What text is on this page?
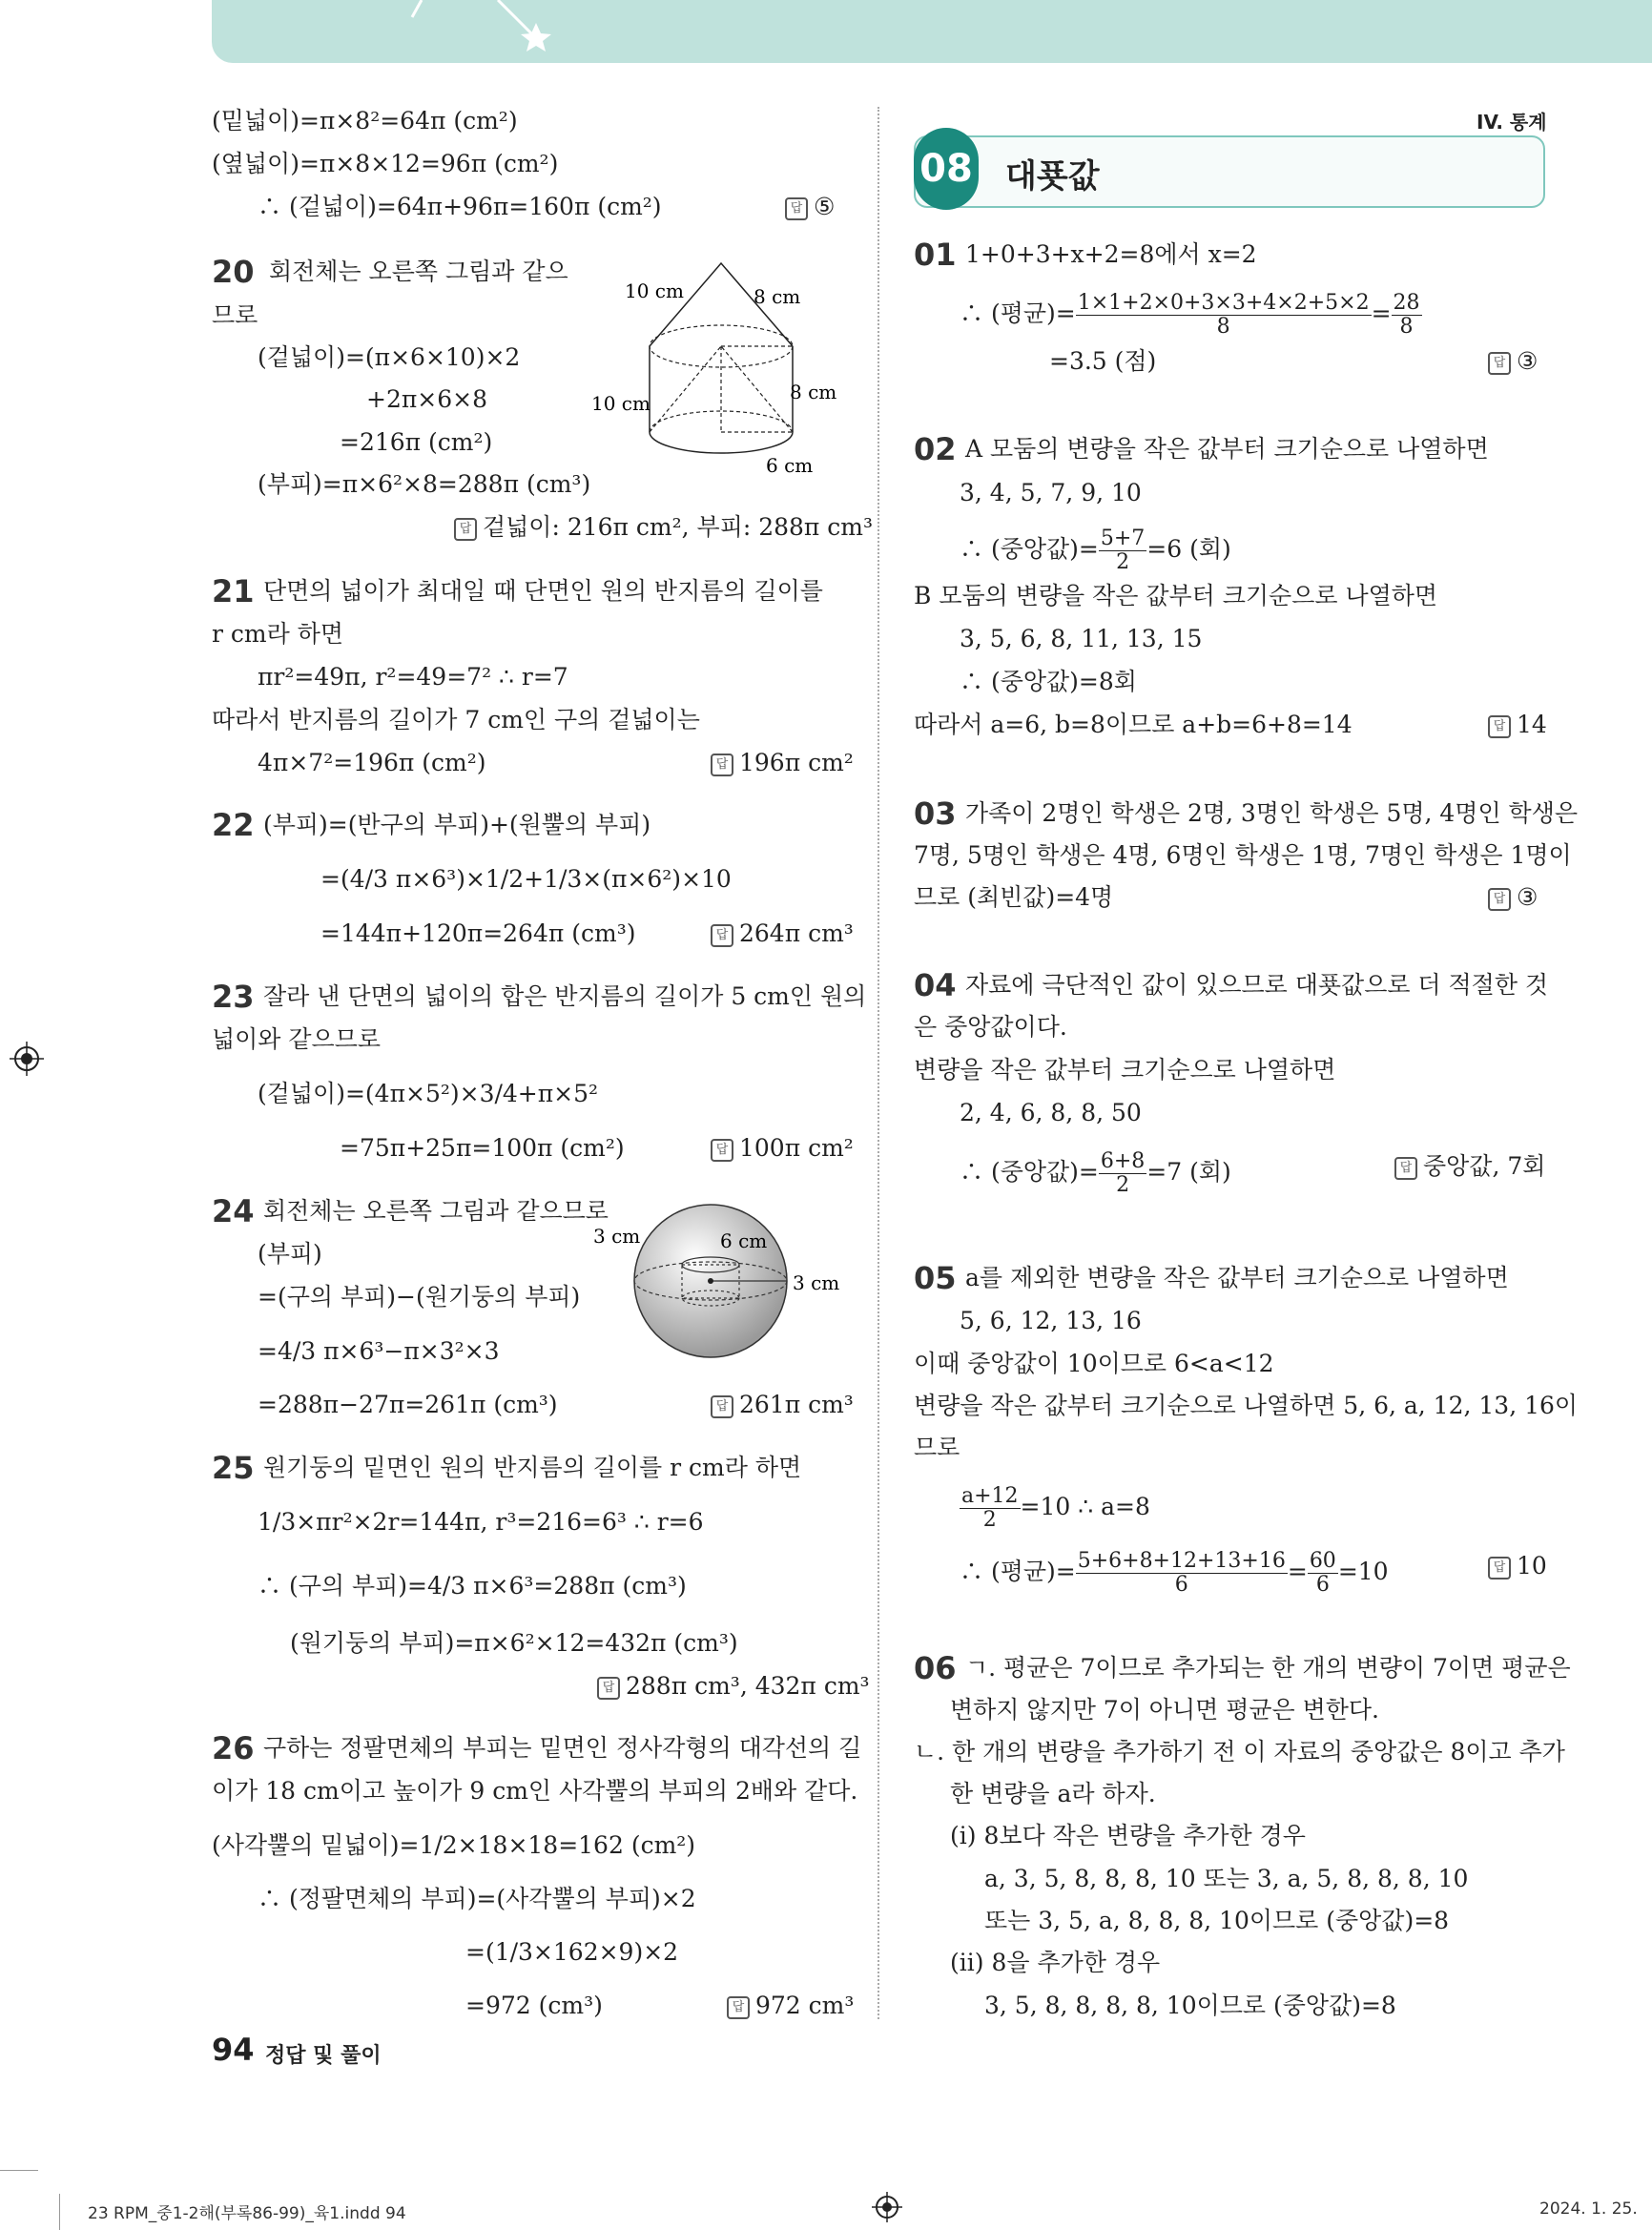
IV. 통계
(밑넓이)=π×8²=64π (cm²)
(옆넓이)=π×8×12=96π (cm²)
∴ (겉넓이)=64π+96π=160π (cm²)	답 ⑤
20 회전체는 오른쪽 그림과 같으
므로
(겉넓이)=(π×6×10)×2
+2π×6×8
=216π (cm²)
(부피)=π×6²×8=288π (cm³)
답 겉넓이: 216π cm², 부피: 288π cm³
10 cm	8 cm
10 cm	8 cm
6 cm
21 단면의 넓이가 최대일 때 단면인 원의 반지름의 길이를
r cm라 하면
πr²=49π, r²=49=7² ∴ r=7
따라서 반지름의 길이가 7 cm인 구의 겉넓이는
4π×7²=196π (cm²)	답 196π cm²
22 (부피)=(반구의 부피)+(원뿔의 부피)
=(4/3 π×6³)×1/2+1/3×(π×6²)×10
=144π+120π=264π (cm³)	답 264π cm³
23 잘라 낸 단면의 넓이의 합은 반지름의 길이가 5 cm인 원의
넓이와 같으므로
(겉넓이)=(4π×5²)×3/4+π×5²
=75π+25π=100π (cm²)	답 100π cm²
24 회전체는 오른쪽 그림과 같으므로
(부피)
=(구의 부피)−(원기둥의 부피)
=4/3 π×6³−π×3²×3
=288π−27π=261π (cm³)	답 261π cm³
3 cm	6 cm
3 cm
25 원기둥의 밑면인 원의 반지름의 길이를 r cm라 하면
1/3×πr²×2r=144π, r³=216=6³ ∴ r=6
∴ (구의 부피)=4/3 π×6³=288π (cm³)
(원기둥의 부피)=π×6²×12=432π (cm³)
답 288π cm³, 432π cm³
26 구하는 정팔면체의 부피는 밑면인 정사각형의 대각선의 길
이가 18 cm이고 높이가 9 cm인 사각뿔의 부피의 2배와 같다.
(사각뿔의 밑넓이)=1/2×18×18=162 (cm²)
∴ (정팔면체의 부피)=(사각뿔의 부피)×2
=(1/3×162×9)×2
=972 (cm³)	답 972 cm³
08 대푯값
01 1+0+3+x+2=8에서 x=2
∴ (평균)= $\frac{1\times 1+2\times 0+3\times 3+4\times 2+5\times 2}{8} = \frac{28}{8}$
=3.5 (점)	답 ③
02 A 모둠의 변량을 작은 값부터 크기순으로 나열하면
3, 4, 5, 7, 9, 10
∴ (중앙값)= $\frac{5+7}{2} =6$ (회)
B 모둠의 변량을 작은 값부터 크기순으로 나열하면
3, 5, 6, 8, 11, 13, 15
∴ (중앙값)=8회
따라서 a=6, b=8이므로 a+b=6+8=14	답 14
03 가족이 2명인 학생은 2명, 3명인 학생은 5명, 4명인 학생은
7명, 5명인 학생은 4명, 6명인 학생은 1명, 7명인 학생은 1명이
므로 (최빈값)=4명	답 ③
04 자료에 극단적인 값이 있으므로 대푯값으로 더 적절한 것
은 중앙값이다.
변량을 작은 값부터 크기순으로 나열하면
2, 4, 6, 8, 8, 50
∴ (중앙값)= $\frac{6+8}{2} =7$ (회)	답 중앙값, 7회
05 a를 제외한 변량을 작은 값부터 크기순으로 나열하면
5, 6, 12, 13, 16
이때 중앙값이 10이므로 6<a<12
변량을 작은 값부터 크기순으로 나열하면 5, 6, a, 12, 13, 16이
므로
$\frac{a+12}{2} =10$ ∴ a=8
∴ (평균)= $\frac{5+6+8+12+13+16}{6} = \frac{60}{6} =10$	답 10
06 ㄱ. 평균은 7이므로 추가되는 한 개의 변량이 7이면 평균은
변하지 않지만 7이 아니면 평균은 변한다.
ㄴ. 한 개의 변량을 추가하기 전 이 자료의 중앙값은 8이고 추가
한 변량을 a라 하자.
(i) 8보다 작은 변량을 추가한 경우
a, 3, 5, 8, 8, 8, 10 또는 3, a, 5, 8, 8, 8, 10
또는 3, 5, a, 8, 8, 8, 10이므로 (중앙값)=8
(ii) 8을 추가한 경우
3, 5, 8, 8, 8, 8, 10이므로 (중앙값)=8
94 정답 및 풀이
23 RPM_중1-2해(부록86-99)_육1.indd 94	2024. 1. 25.
